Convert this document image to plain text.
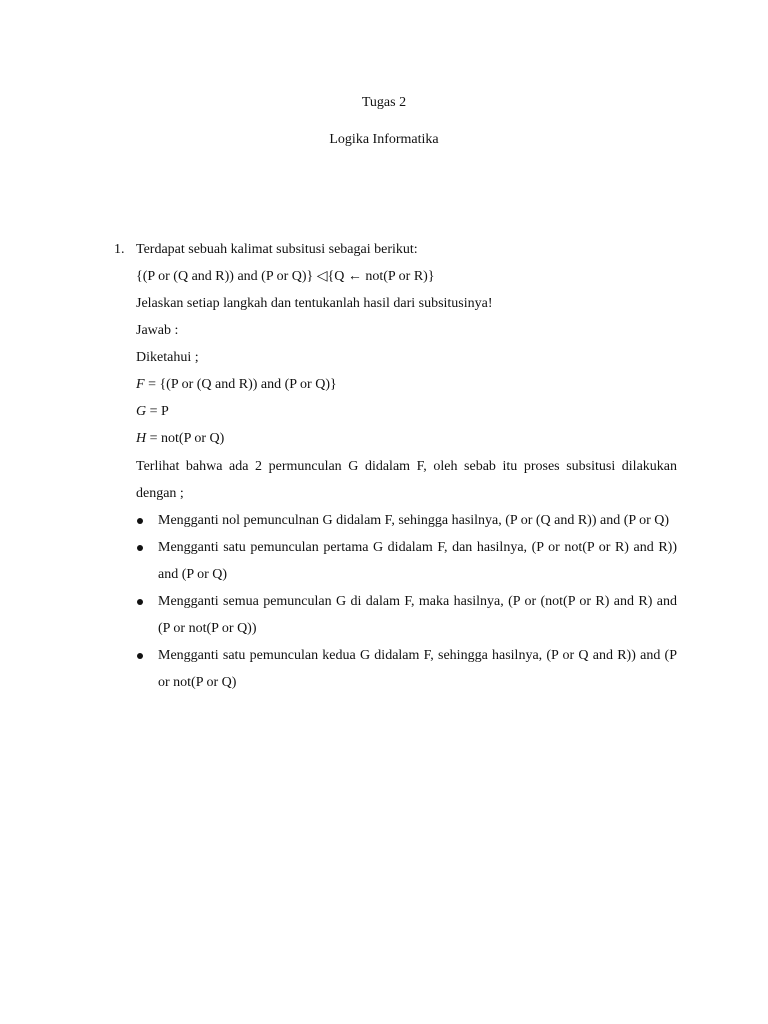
Tugas 2
Logika Informatika
1. Terdapat sebuah kalimat subsitusi sebagai berikut:
{(P or (Q and R)) and (P or Q)} ◁{Q ← not(P or R)}
Jelaskan setiap langkah dan tentukanlah hasil dari subsitusinya!
Jawab :
Diketahui ;
F = {(P or (Q and R)) and (P or Q)}
G = P
H = not(P or Q)
Terlihat bahwa ada 2 permunculan G didalam F, oleh sebab itu proses subsitusi dilakukan dengan ;
Mengganti nol pemunculnan G didalam F, sehingga hasilnya, (P or (Q and R)) and (P or Q)
Mengganti satu pemunculan pertama G didalam F, dan hasilnya, (P or not(P or R) and R)) and (P or Q)
Mengganti semua pemunculan G di dalam F, maka hasilnya, (P or (not(P or R) and R) and (P or not(P or Q))
Mengganti satu pemunculan kedua G didalam F, sehingga hasilnya, (P or Q and R)) and (P or not(P or Q)
